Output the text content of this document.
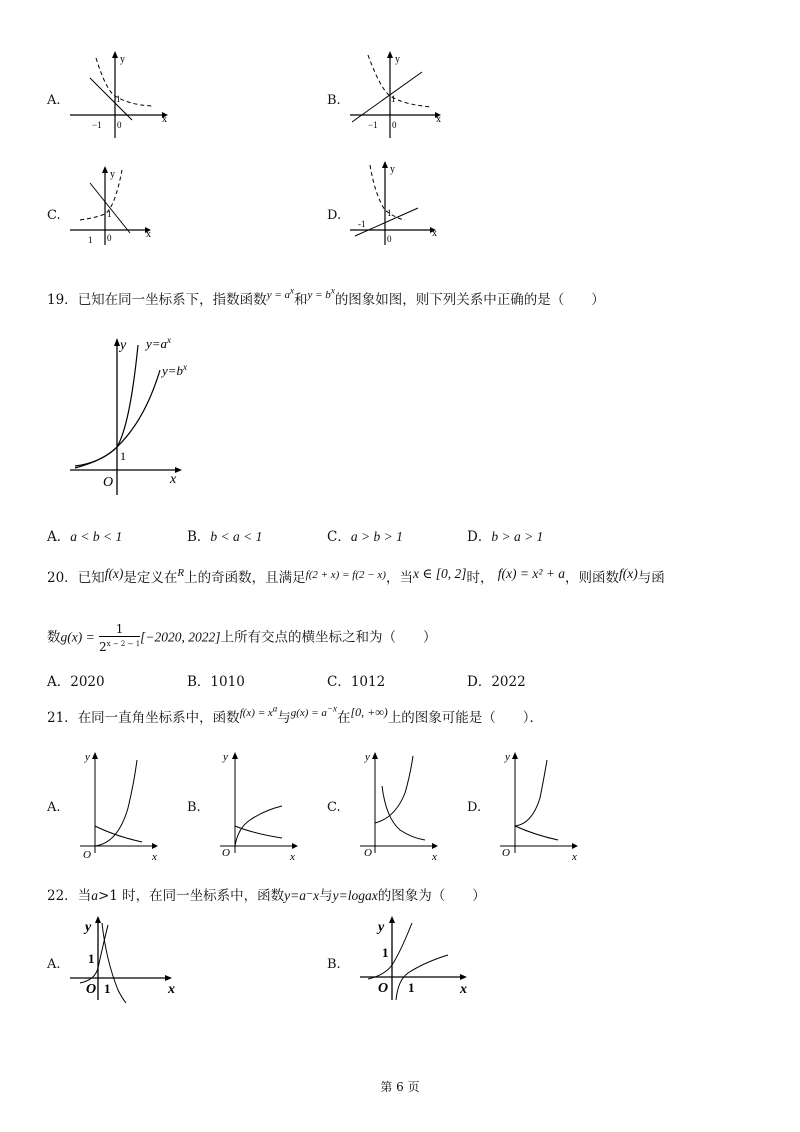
A.
y
x
−1 0
1	B.
y
x
−1 0
1
C.
y
x
1 0
1	D.
y
x
-1
0
1
19．已知在同一坐标系下，指数函数$^{y = a^x}$和$^{y = b^x}$的图象如图，则下列关系中正确的是（　　）
y
x
O
1
$y=a^x$
$y=b^x$
A．a < b < 1	B．b < a < 1	C．a > b > 1	D．b > a > 1
20．已知f(x)是定义在$^R$上的奇函数，且满足$^{f(2 + x) = f(2 - x)}$，当x ∈ [0, 2]时， f(x) = x² + a，则函数f(x)与函
数$g(x) = \frac{1}{2^{x - 2 - 1}} [-2020$, 2022]上所有交点的横坐标之和为（　　）
A．2020	B．1010	C．1012	D．2022
21．在同一直角坐标系中，函数$^{f(x) = x^a}$与$^{g(x) = a^{-x}}$在[0, +∞)上的图象可能是（　　）．
A.
y
x
O
B.
y
x
O
C.
y
x
O
D.
y
x
O
22．当a>1 时，在同一坐标系中，函数y=a⁻x与y=logax的图象为（　　）
A.
y
x
O
1
1
B.
y
x
O
1
1
第 6 页
